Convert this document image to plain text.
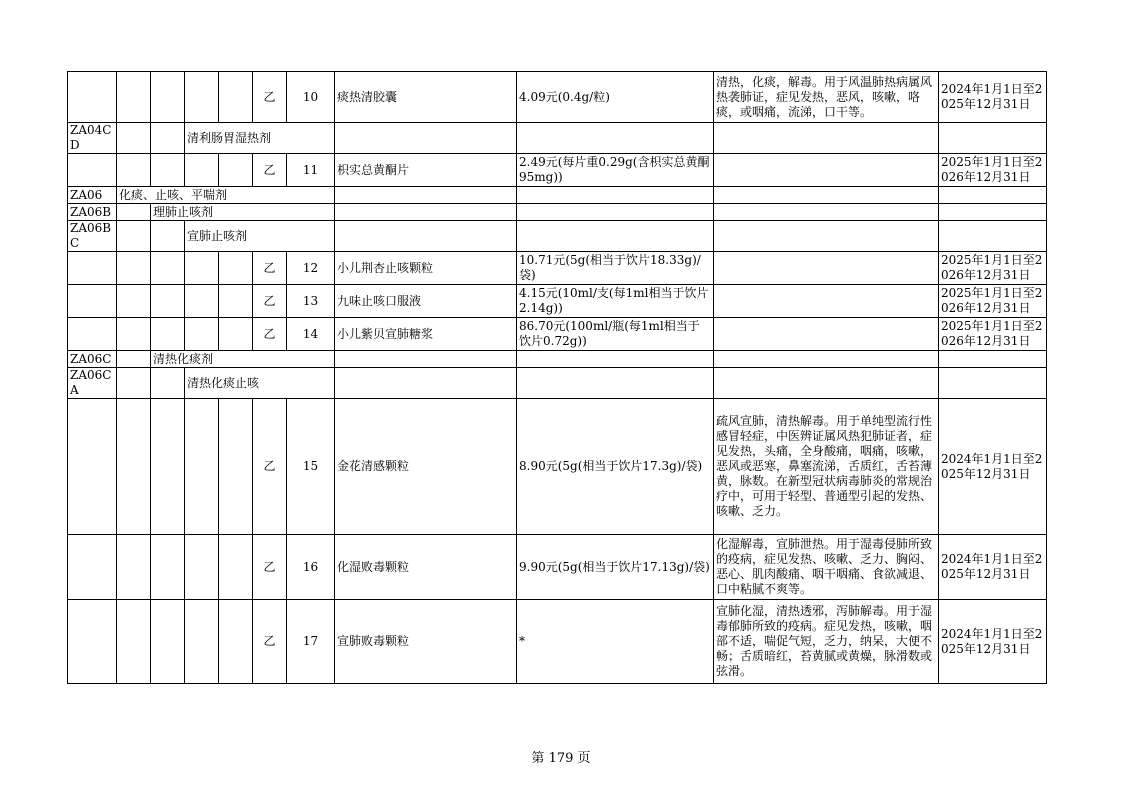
					乙	10	痰热清胶囊	4.09元(0.4g/粒)	清热，化痰，解毒。用于风温肺热病属风热袭肺证，症见发热，恶风，咳嗽，咯痰，或咽痛，流涕，口干等。	2024年1月1日至2025年12月31日
ZA04CD			清利肠胃湿热剂							
					乙	11	枳实总黄酮片	2.49元(每片重0.29g(含枳实总黄酮95mg))		2025年1月1日至2026年12月31日
ZA06	化痰、止咳、平喘剂									
ZA06B		理肺止咳剂								
ZA06BC			宣肺止咳剂							
					乙	12	小儿荆杏止咳颗粒	10.71元(5g(相当于饮片18.33g)/袋)		2025年1月1日至2026年12月31日
					乙	13	九味止咳口服液	4.15元(10ml/支(每1ml相当于饮片2.14g))		2025年1月1日至2026年12月31日
					乙	14	小儿紫贝宣肺糖浆	86.70元(100ml/瓶(每1ml相当于饮片0.72g))		2025年1月1日至2026年12月31日
ZA06C		清热化痰剂								
ZA06CA			清热化痰止咳							
					乙	15	金花清感颗粒	8.90元(5g(相当于饮片17.3g)/袋)	疏风宣肺，清热解毒。用于单纯型流行性感冒轻症，中医辨证属风热犯肺证者，症见发热，头痛，全身酸痛，咽痛，咳嗽，恶风或恶寒，鼻塞流涕，舌质红，舌苔薄黄，脉数。在新型冠状病毒肺炎的常规治疗中，可用于轻型、普通型引起的发热、咳嗽、乏力。	2024年1月1日至2025年12月31日
					乙	16	化湿败毒颗粒	9.90元(5g(相当于饮片17.13g)/袋)	化湿解毒，宣肺泄热。用于湿毒侵肺所致的疫病，症见发热、咳嗽、乏力、胸闷、恶心、肌肉酸痛、咽干咽痛、食欲减退、口中粘腻不爽等。	2024年1月1日至2025年12月31日
					乙	17	宣肺败毒颗粒	*	宣肺化湿，清热透邪，泻肺解毒。用于湿毒郁肺所致的疫病。症见发热，咳嗽，咽部不适，喘促气短，乏力，纳呆，大便不畅；舌质暗红，苔黄腻或黄燥，脉滑数或弦滑。	2024年1月1日至2025年12月31日
第 179 页
